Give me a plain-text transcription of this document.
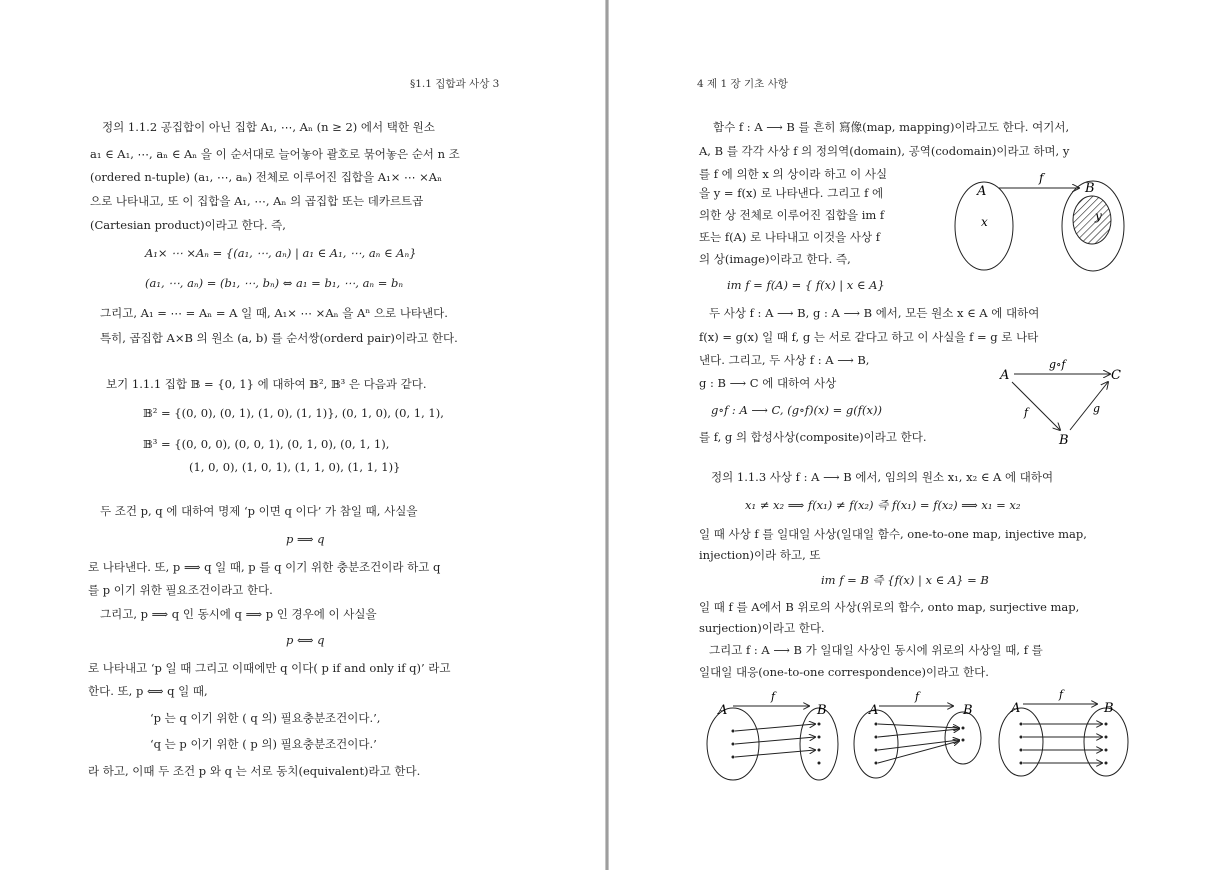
§1.1 집합과 사상 3
정의 1.1.2 공집합이 아닌 집합 A₁, ⋯, Aₙ (n ≥ 2) 에서 택한 원소
a₁ ∈ A₁, ⋯, aₙ ∈ Aₙ 을 이 순서대로 늘어놓아 괄호로 묶어놓은 순서 n 조
(ordered n-tuple) (a₁, ⋯, aₙ) 전체로 이루어진 집합을 A₁× ⋯ ×Aₙ
으로 나타내고, 또 이 집합을 A₁, ⋯, Aₙ 의 곱집합 또는 데카르트곱
(Cartesian product)이라고 한다. 즉,
A₁× ⋯ ×Aₙ = {(a₁, ⋯, aₙ) | a₁ ∈ A₁, ⋯, aₙ ∈ Aₙ}
(a₁, ⋯, aₙ) = (b₁, ⋯, bₙ) ⇔ a₁ = b₁, ⋯, aₙ = bₙ
그리고, A₁ = ⋯ = Aₙ = A 일 때, A₁× ⋯ ×Aₙ 을 Aⁿ 으로 나타낸다.
특히, 곱집합 A×B 의 원소 (a, b) 를 순서쌍(orderd pair)이라고 한다.
보기 1.1.1 집합 𝔹 = {0, 1} 에 대하여 𝔹², 𝔹³ 은 다음과 같다.
𝔹² = {(0, 0), (0, 1), (1, 0), (1, 1)}, (0, 1, 0), (0, 1, 1),
𝔹³ = {(0, 0, 0), (0, 0, 1), (0, 1, 0), (0, 1, 1),
(1, 0, 0), (1, 0, 1), (1, 1, 0), (1, 1, 1)}
두 조건 p, q 에 대하여 명제 ‘p 이면 q 이다’ 가 참일 때, 사실을
p ⟹ q
로 나타낸다. 또, p ⟹ q 일 때, p 를 q 이기 위한 충분조건이라 하고 q
를 p 이기 위한 필요조건이라고 한다.
그리고, p ⟹ q 인 동시에 q ⟹ p 인 경우에 이 사실을
p ⟺ q
로 나타내고 ‘p 일 때 그리고 이때에만 q 이다( p if and only if q)’ 라고
한다. 또, p ⟺ q 일 때,
‘p 는 q 이기 위한 ( q 의) 필요충분조건이다.’,
‘q 는 p 이기 위한 ( p 의) 필요충분조건이다.’
라 하고, 이때 두 조건 p 와 q 는 서로 동치(equivalent)라고 한다.
4 제 1 장 기초 사항
함수 f : A ⟶ B 를 흔히 寫像(map, mapping)이라고도 한다. 여기서,
A, B 를 각각 사상 f 의 정의역(domain), 공역(codomain)이라고 하며, y
를 f 에 의한 x 의 상이라 하고 이 사실
을 y = f(x) 로 나타낸다. 그리고 f 에
의한 상 전체로 이루어진 집합을 im f
또는 f(A) 로 나타내고 이것을 사상 f
의 상(image)이라고 한다. 즉,
im f = f(A) = { f(x) | x ∈ A}
A	B
f
x	y
두 사상 f : A ⟶ B, g : A ⟶ B 에서, 모든 원소 x ∈ A 에 대하여
f(x) = g(x) 일 때 f, g 는 서로 같다고 하고 이 사실을 f = g 로 나타
낸다. 그리고, 두 사상 f : A ⟶ B,
g : B ⟶ C 에 대하여 사상
g∘f : A ⟶ C, (g∘f)(x) = g(f(x))
를 f, g 의 합성사상(composite)이라고 한다.
A	C
B
g∘f
f	g
정의 1.1.3 사상 f : A ⟶ B 에서, 임의의 원소 x₁, x₂ ∈ A 에 대하여
x₁ ≠ x₂ ⟹ f(x₁) ≠ f(x₂) 즉 f(x₁) = f(x₂) ⟹ x₁ = x₂
일 때 사상 f 를 일대일 사상(일대일 함수, one-to-one map, injective map,
injection)이라 하고, 또
im f = B 즉 {f(x) | x ∈ A} = B
일 때 f 를 A에서 B 위로의 사상(위로의 함수, onto map, surjective map,
surjection)이라고 한다.
그리고 f : A ⟶ B 가 일대일 사상인 동시에 위로의 사상일 때, f 를
일대일 대응(one-to-one correspondence)이라고 한다.
A	B
f
A	B
f
A	B
f
